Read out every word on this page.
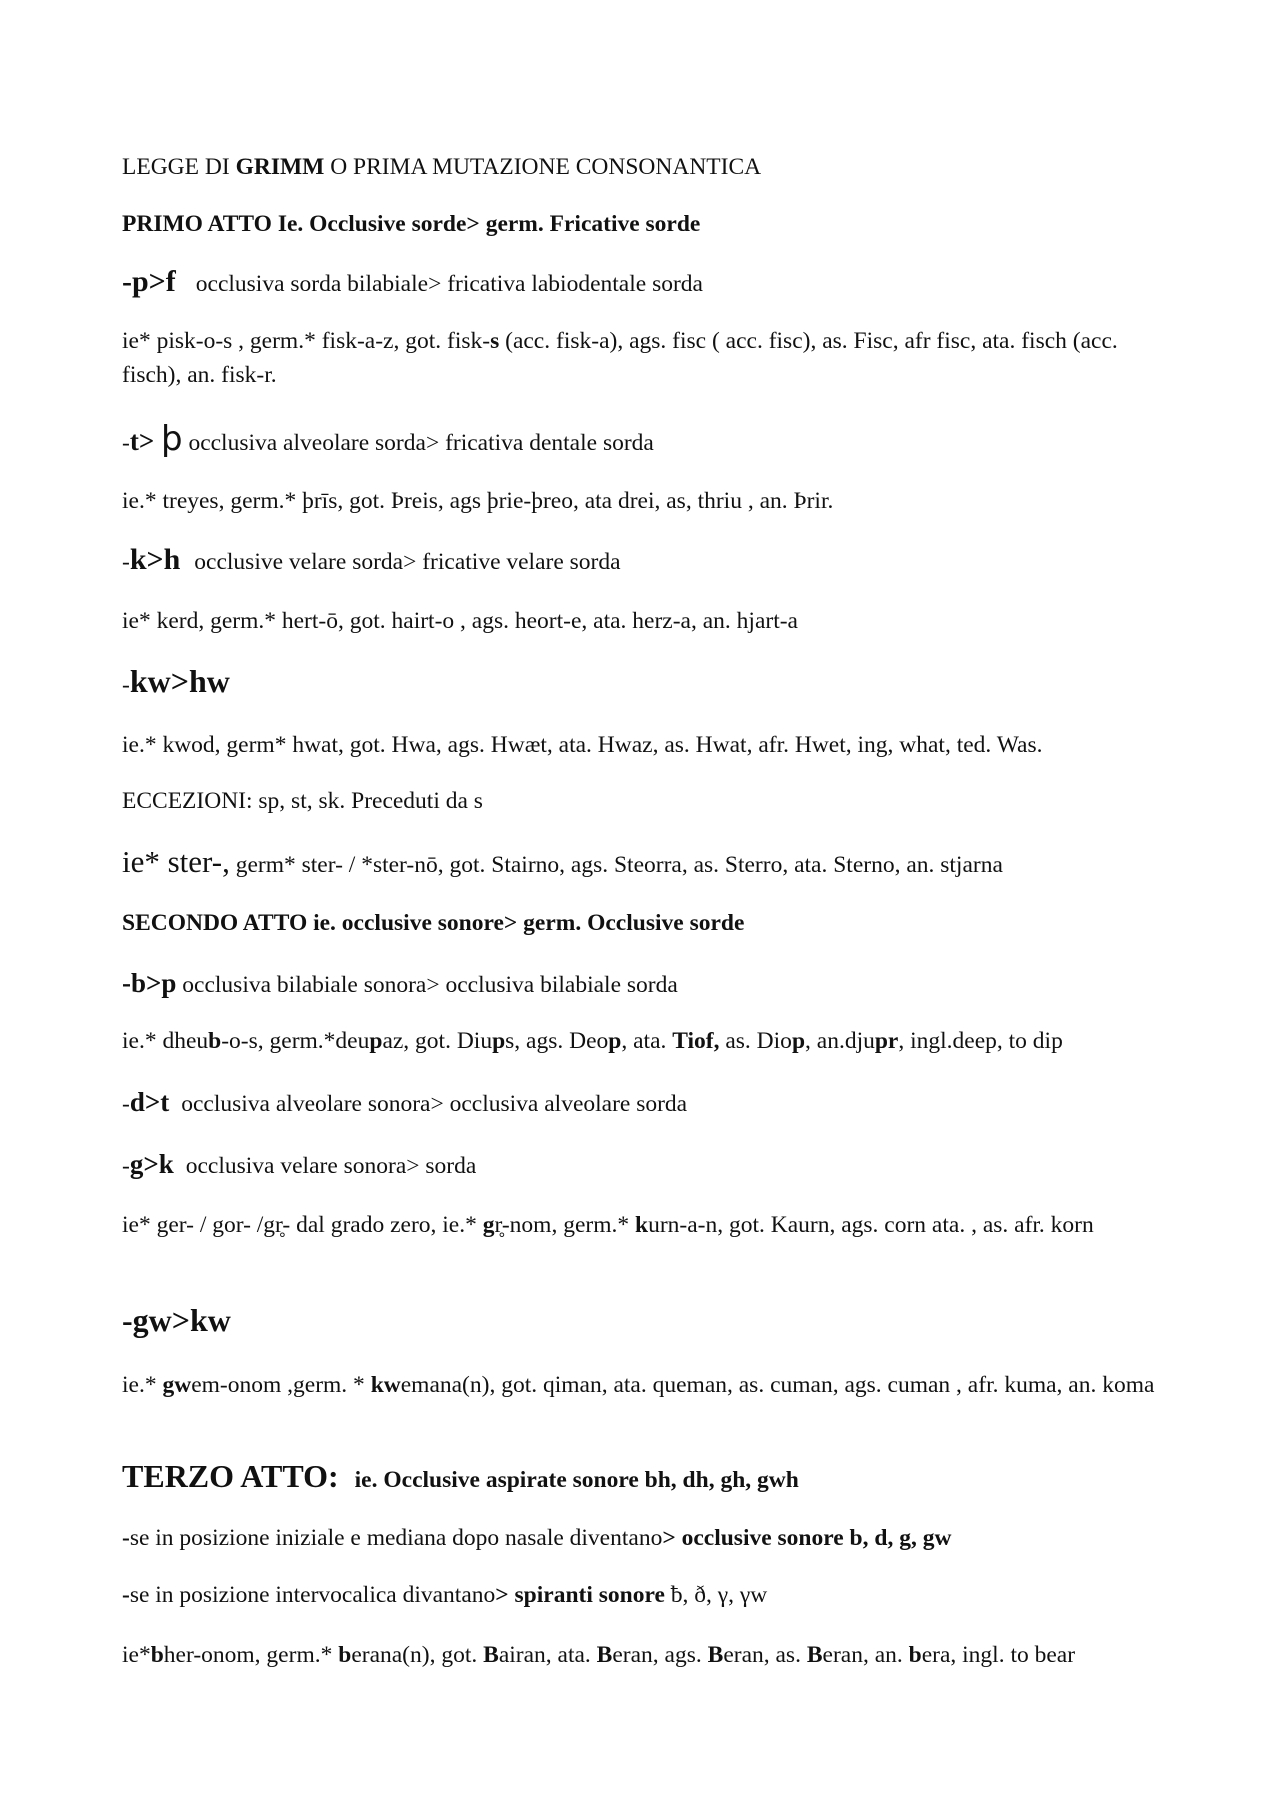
LEGGE DI GRIMM O PRIMA MUTAZIONE CONSONANTICA
PRIMO ATTO Ie. Occlusive sorde> germ. Fricative sorde
-p>f occlusiva sorda bilabiale> fricativa labiodentale sorda
ie* pisk-o-s , germ.* fisk-a-z, got. fisk-s (acc. fisk-a), ags. fisc ( acc. fisc), as. Fisc, afr fisc, ata. fisch (acc. fisch), an. fisk-r.
-t> þ occlusiva alveolare sorda> fricativa dentale sorda
ie.* treyes, germ.* þrīs, got. Þreis, ags þrie-þreo, ata drei, as, thriu , an. Þrir.
-k>h occlusive velare sorda> fricative velare sorda
ie* kerd, germ.* hert-ō, got. hairt-o , ags. heort-e, ata. herz-a, an. hjart-a
-kw>hw
ie.* kwod, germ* hwat, got. Hwa, ags. Hwæt, ata. Hwaz, as. Hwat, afr. Hwet, ing, what, ted. Was.
ECCEZIONI: sp, st, sk. Preceduti da s
ie* ster-, germ* ster- / *ster-nō, got. Stairno, ags. Steorra, as. Sterro, ata. Sterno, an. stjarna
SECONDO ATTO ie. occlusive sonore> germ. Occlusive sorde
-b>p occlusiva bilabiale sonora> occlusiva bilabiale sorda
ie.* dheub-o-s, germ.*deupaz, got. Diups, ags. Deop, ata. Tiof, as. Diop, an.djupr, ingl.deep, to dip
-d>t occlusiva alveolare sonora> occlusiva alveolare sorda
-g>k occlusiva velare sonora> sorda
ie* ger- / gor- /gr̥- dal grado zero, ie.* gr̥-nom, germ.* kurn-a-n, got. Kaurn, ags. corn ata. , as. afr. korn
-gw>kw
ie.* gwem-onom ,germ. * kwemana(n), got. qiman, ata. queman, as. cuman, ags. cuman , afr. kuma, an. koma
TERZO ATTO: ie. Occlusive aspirate sonore bh, dh, gh, gwh
-se in posizione iniziale e mediana dopo nasale diventano> occlusive sonore b, d, g, gw
-se in posizione intervocalica divantano> spiranti sonore ƀ, ð, γ, γw
ie*bher-onom, germ.* berana(n), got. Bairan, ata. Beran, ags. Beran, as. Beran, an. bera, ingl. to bear
